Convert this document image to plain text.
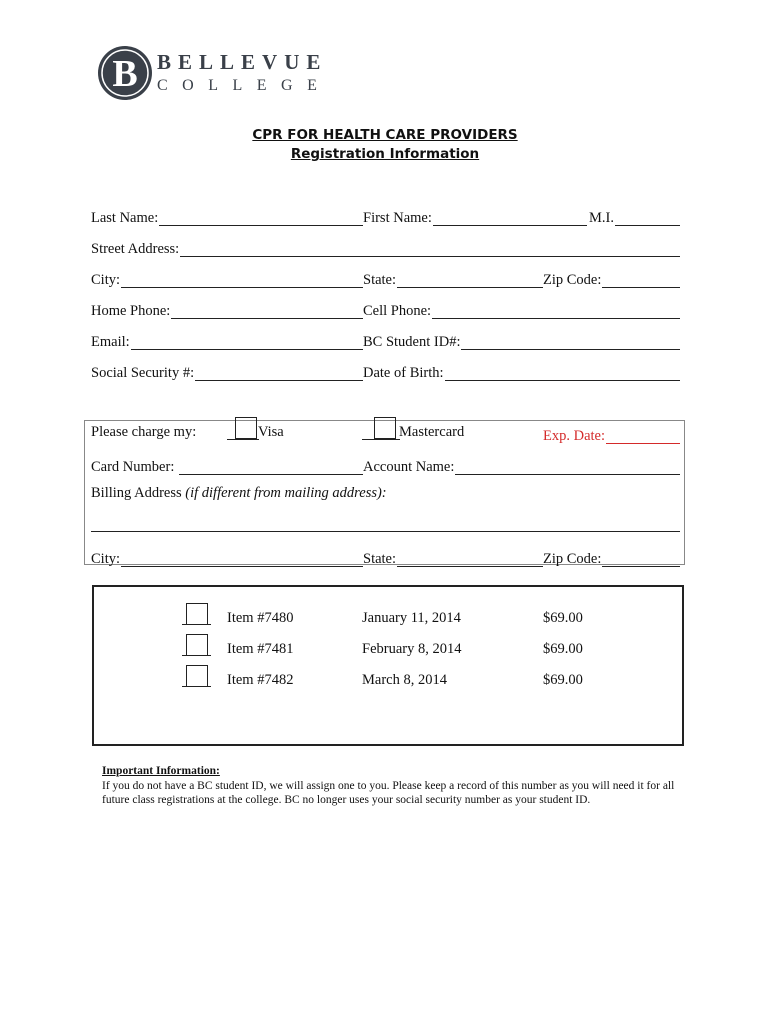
B BELLEVUE
COLLEGE
CPR FOR HEALTH CARE PROVIDERS
Registration Information
Last Name:	First Name:	M.I.
Street Address:
City:	State:	Zip Code:
Home Phone:	Cell Phone:
Email:	BC Student ID#:
Social Security #:	Date of Birth:
Please charge my:	Visa	Mastercard	Exp. Date:
Card Number:	Account Name:
Billing Address (if different from mailing address):
City:	State:	Zip Code:
Item #7480	January 11, 2014	$69.00
Item #7481	February 8, 2014	$69.00
Item #7482	March 8, 2014	$69.00
Important Information:
If you do not have a BC student ID, we will assign one to you. Please keep a record of this number as you will need it for all future class registrations at the college. BC no longer uses your social security number as your student ID.
